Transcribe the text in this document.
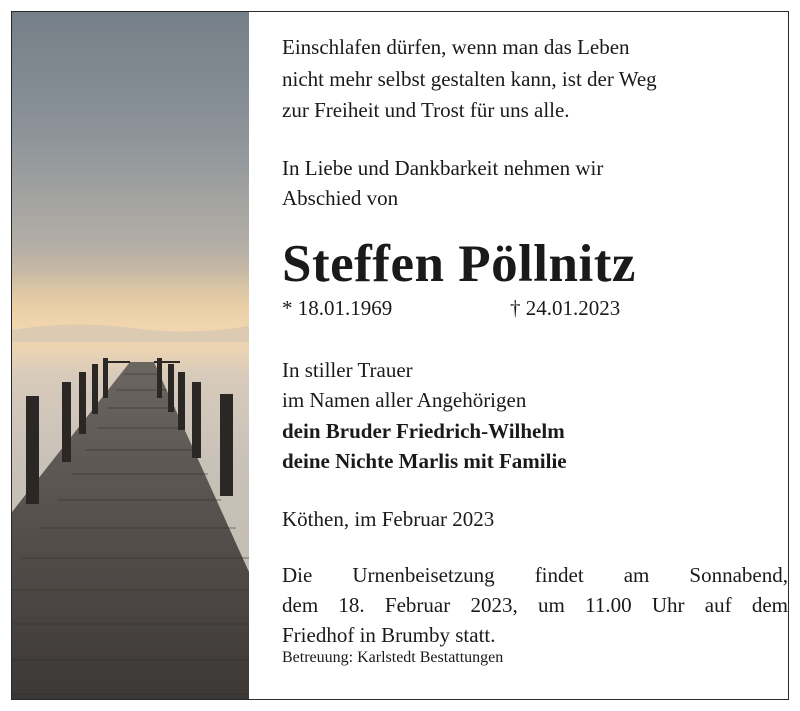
Einschlafen dürfen, wenn man das Leben
nicht mehr selbst gestalten kann, ist der Weg
zur Freiheit und Trost für uns alle.
In Liebe und Dankbarkeit nehmen wir
Abschied von
Steffen Pöllnitz
* 18.01.1969	† 24.01.2023
In stiller Trauer
im Namen aller Angehörigen
dein Bruder Friedrich-Wilhelm
deine Nichte Marlis mit Familie
Köthen, im Februar 2023
Die Urnenbeisetzung findet am Sonnabend,
dem 18. Februar 2023, um 11.00 Uhr auf dem
Friedhof in Brumby statt.
Betreuung: Karlstedt Bestattungen
